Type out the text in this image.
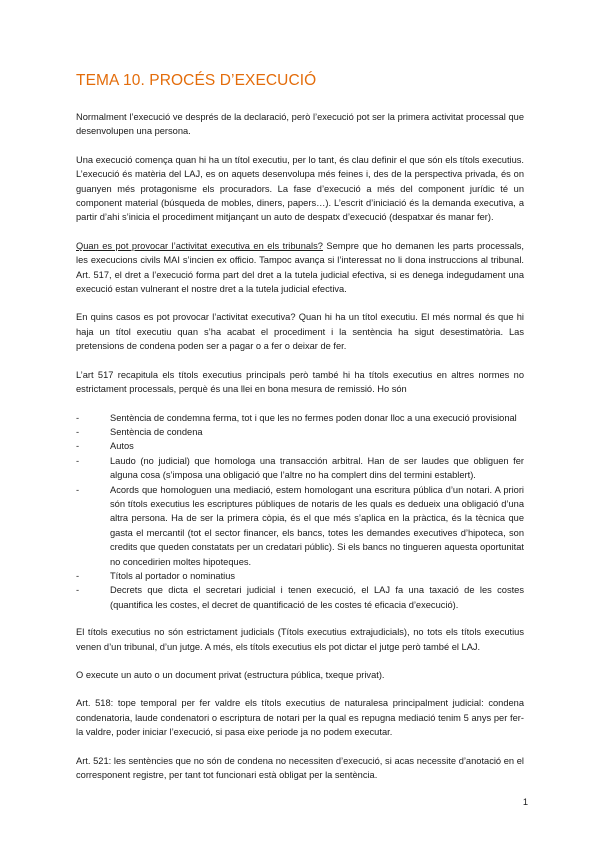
TEMA 10. PROCÉS D’EXECUCIÓ

Normalment l’execució ve després de la declaració, però l’execució pot ser la primera activitat processal que desenvolupen una persona.

Una execució comença quan hi ha un títol executiu, per lo tant, és clau definir el que són els títols executius. L’execució és matèria del LAJ, es on aquets desenvolupa més feines i, des de la perspectiva privada, és on guanyen més protagonisme els procuradors. La fase d’execució a més del component jurídic té un component material (búsqueda de mobles, diners, papers…). L’escrit d’iniciació és la demanda executiva, a partir d’ahi s’inicia el procediment mitjançant un auto de despatx d’execució (despatxar és manar fer).

Quan es pot provocar l’activitat executiva en els tribunals? Sempre que ho demanen les parts processals, les execucions civils MAI s’incien ex officio. Tampoc avança si l’interessat no li dona instruccions al tribunal. Art. 517, el dret a l’execució forma part del dret a la tutela judicial efectiva, si es denega indegudament una execució estan vulnerant el nostre dret a la tutela judicial efectiva.

En quins casos es pot provocar l’activitat executiva? Quan hi ha un títol executiu. El més normal és que hi haja un títol executiu quan s’ha acabat el procediment i la sentència ha sigut desestimatòria. Las pretensions de condena poden ser a pagar o a fer o deixar de fer.

L’art 517 recapitula els títols executius principals però també hi ha títols executius en altres normes no estrictament processals, perquè és una llei en bona mesura de remissió. Ho són

- Sentència de condemna ferma, tot i que les no fermes poden donar lloc a una execució provisional
- Sentència de condena
- Autos
- Laudo (no judicial) que homologa una transacción arbitral. Han de ser laudes que obliguen fer alguna cosa (s’imposa una obligació que l’altre no ha complert dins del termini establert).
- Acords que homologuen una mediació, estem homologant una escritura pública d’un notari. A priori són títols executius les escriptures públiques de notaris de les quals es dedueix una obligació d’una altra persona. Ha de ser la primera còpia, és el que més s’aplica en la pràctica, és la tècnica que gasta el mercantil (tot el sector financer, els bancs, totes les demandes executives d’hipoteca, son credits que queden constatats per un credatari públic). Si els bancs no tingueren aquesta oportunitat no concedirien moltes hipoteques.
- Títols al portador o nominatius
- Decrets que dicta el secretari judicial i tenen execució, el LAJ fa una taxació de les costes (quantifica les costes, el decret de quantificació de les costes té eficacia d’execució).

El títols executius no són estrictament judicials (Títols executius extrajudicials), no tots els títols executius venen d’un tribunal, d’un jutge. A més, els títols executius els pot dictar el jutge però també el LAJ.

O execute un auto o un document privat (estructura pública, txeque privat).

Art. 518: tope temporal per fer valdre els títols executius de naturalesa principalment judicial: condena condenatoria, laude condenatori o escriptura de notari per la qual es repugna mediació tenim 5 anys per fer-la valdre, poder iniciar l’execució, si pasa eixe periode ja no podem executar.

Art. 521: les sentències que no són de condena no necessiten d’execució, si acas necessite d’anotació en el corresponent registre, per tant tot funcionari està obligat per la sentència.

1
